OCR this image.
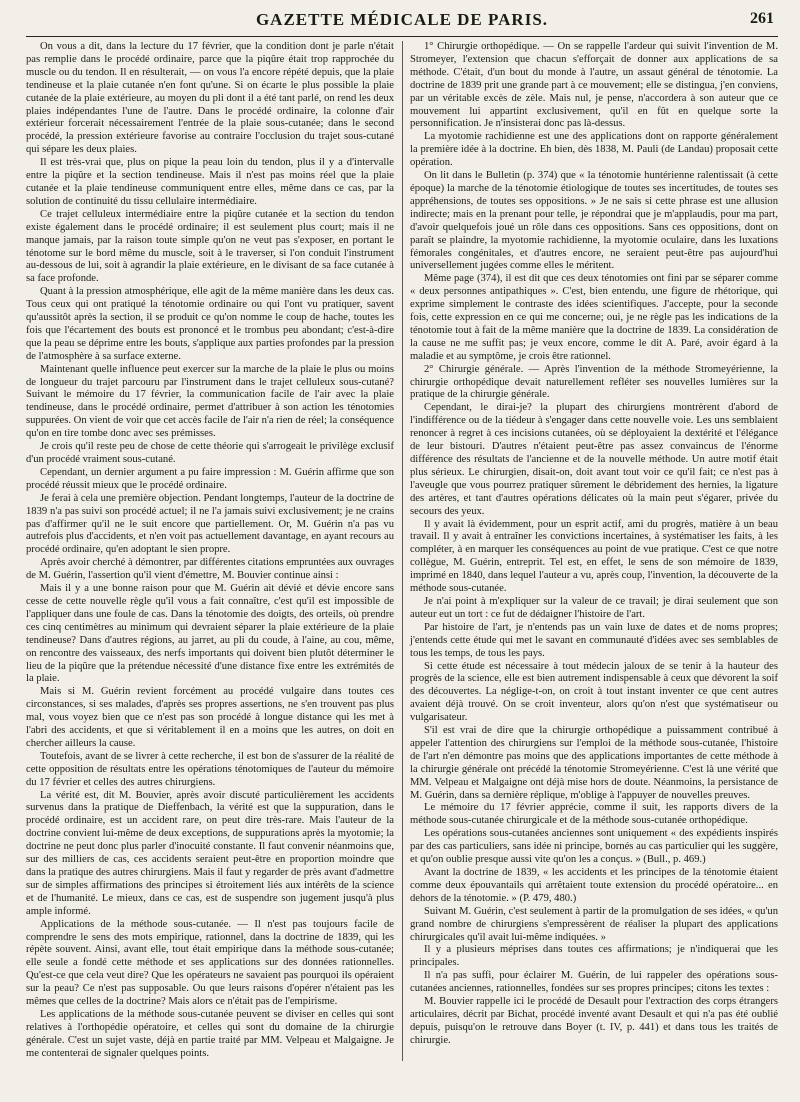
GAZETTE MÉDICALE DE PARIS.	261

On vous a dit, dans la lecture du 17 février, que la condition dont je parle n'était pas remplie dans le procédé ordinaire, parce que la piqûre était trop rapprochée du muscle ou du tendon. Il en résulterait, — on vous l'a encore répété depuis, que la plaie tendineuse et la plaie cutanée n'en font qu'une. Si on écarte le plus possible la plaie cutanée de la plaie extérieure, au moyen du pli dont il a été tant parlé, on rend les deux plaies indépendantes l'une de l'autre. Dans le procédé ordinaire, la colonne d'air extérieur forcerait nécessairement l'entrée de la plaie sous-cutanée; dans le second procédé, la pression extérieure favorise au contraire l'occlusion du trajet sous-cutané qui sépare les deux plaies.

Il est très-vrai que, plus on pique la peau loin du tendon, plus il y a d'intervalle entre la piqûre et la section tendineuse. Mais il n'est pas moins réel que la plaie cutanée et la plaie tendineuse communiquent entre elles, même dans ce cas, par la solution de continuité du tissu cellulaire intermédiaire.

Ce trajet celluleux intermédiaire entre la piqûre cutanée et la section du tendon existe également dans le procédé ordinaire; il est seulement plus court; mais il ne manque jamais, par la raison toute simple qu'on ne veut pas s'exposer, en portant le ténotome sur le bord même du muscle, soit à le traverser, si l'on conduit l'instrument au-dessous de lui, soit à agrandir la plaie extérieure, en le divisant de sa face cutanée à sa face profonde.

Quant à la pression atmosphérique, elle agit de la même manière dans les deux cas. Tous ceux qui ont pratiqué la ténotomie ordinaire ou qui l'ont vu pratiquer, savent qu'aussitôt après la section, il se produit ce qu'on nomme le coup de hache, toutes les fois que l'écartement des bouts est prononcé et le trombus peu abondant; c'est-à-dire que la peau se déprime entre les bouts, s'applique aux parties profondes par la pression de l'atmosphère à sa surface externe.

Maintenant quelle influence peut exercer sur la marche de la plaie le plus ou moins de longueur du trajet parcouru par l'instrument dans le trajet celluleux sous-cutané? Suivant le mémoire du 17 février, la communication facile de l'air avec la plaie tendineuse, dans le procédé ordinaire, permet d'attribuer à son action les ténotomies suppurées. On vient de voir que cet accès facile de l'air n'a rien de réel; la conséquence qu'on en tire tombe donc avec ses prémisses.

Je crois qu'il reste peu de chose de cette théorie qui s'arrogeait le privilège exclusif d'un procédé vraiment sous-cutané.

Cependant, un dernier argument a pu faire impression : M. Guérin affirme que son procédé réussit mieux que le procédé ordinaire.

Je ferai à cela une première objection. Pendant longtemps, l'auteur de la doctrine de 1839 n'a pas suivi son procédé actuel; il ne l'a jamais suivi exclusivement; je ne crains pas d'affirmer qu'il ne le suit encore que partiellement. Or, M. Guérin n'a pas vu autrefois plus d'accidents, et n'en voit pas actuellement davantage, en ayant recours au procédé ordinaire, qu'en adoptant le sien propre.

Après avoir cherché à démontrer, par différentes citations empruntées aux ouvrages de M. Guérin, l'assertion qu'il vient d'émettre, M. Bouvier continue ainsi :

Mais il y a une bonne raison pour que M. Guérin ait dévié et dévie encore sans cesse de cette nouvelle règle qu'il vous a fait connaître, c'est qu'il est impossible de l'appliquer dans une foule de cas. Dans la ténotomie des doigts, des orteils, où prendre ces cinq centimètres au minimum qui devraient séparer la plaie extérieure de la plaie tendineuse? Dans d'autres régions, au jarret, au pli du coude, à l'aine, au cou, même, on rencontre des vaisseaux, des nerfs importants qui doivent bien plutôt déterminer le lieu de la piqûre que la prétendue nécessité d'une distance fixe entre les extrémités de la plaie.

Mais si M. Guérin revient forcément au procédé vulgaire dans toutes ces circonstances, si ses malades, d'après ses propres assertions, ne s'en trouvent pas plus mal, vous voyez bien que ce n'est pas son procédé à longue distance qui les met à l'abri des accidents, et que si véritablement il en a moins que les autres, on doit en chercher ailleurs la cause.

Toutefois, avant de se livrer à cette recherche, il est bon de s'assurer de la réalité de cette opposition de résultats entre les opérations ténotomiques de l'auteur du mémoire du 17 février et celles des autres chirurgiens.

La vérité est, dit M. Bouvier, après avoir discuté particulièrement les accidents survenus dans la pratique de Dieffenbach, la vérité est que la suppuration, dans le procédé ordinaire, est un accident rare, on peut dire très-rare. Mais l'auteur de la doctrine convient lui-même de deux exceptions, de suppurations après la myotomie; la doctrine ne peut donc plus parler d'inocuité constante. Il faut convenir néanmoins que, sur des milliers de cas, ces accidents seraient peut-être en proportion moindre que dans la pratique des autres chirurgiens. Mais il faut y regarder de près avant d'admettre sur de simples affirmations des principes si étroitement liés aux intérêts de la science et de l'humanité. Le mieux, dans ce cas, est de suspendre son jugement jusqu'à plus ample informé.

Applications de la méthode sous-cutanée. — Il n'est pas toujours facile de comprendre le sens des mots empirique, rationnel, dans la doctrine de 1839, qui les répète souvent. Ainsi, avant elle, tout était empirique dans la méthode sous-cutanée; elle seule a fondé cette méthode et ses applications sur des données rationnelles. Qu'est-ce que cela veut dire? Que les opérateurs ne savaient pas pourquoi ils opéraient sur la peau? Ce n'est pas supposable. Ou que leurs raisons d'opérer n'étaient pas les mêmes que celles de la doctrine? Mais alors ce n'était pas de l'empirisme.

Les applications de la méthode sous-cutanée peuvent se diviser en celles qui sont relatives à l'orthopédie opératoire, et celles qui sont du domaine de la chirurgie générale. C'est un sujet vaste, déjà en partie traité par MM. Velpeau et Malgaigne. Je me contenterai de signaler quelques points.

1° Chirurgie orthopédique. — On se rappelle l'ardeur qui suivit l'invention de M. Stromeyer, l'extension que chacun s'efforçait de donner aux applications de sa méthode. C'était, d'un bout du monde à l'autre, un assaut général de ténotomie. La doctrine de 1839 prit une grande part à ce mouvement; elle se distingua, j'en conviens, par un véritable excès de zèle. Mais nul, je pense, n'accordera à son auteur que ce mouvement lui appartint exclusivement, qu'il en fût en quelque sorte la personnification. Je n'insisterai donc pas là-dessus.

La myotomie rachidienne est une des applications dont on rapporte généralement la première idée à la doctrine. Eh bien, dès 1838, M. Pauli (de Landau) proposait cette opération.

On lit dans le Bulletin (p. 374) que « la ténotomie huntérienne ralentissait (à cette époque) la marche de la ténotomie étiologique de toutes ses incertitudes, de toutes ses appréhensions, de toutes ses oppositions. » Je ne sais si cette phrase est une allusion indirecte; mais en la prenant pour telle, je répondrai que je m'applaudis, pour ma part, d'avoir quelquefois joué un rôle dans ces oppositions. Sans ces oppositions, dont on paraît se plaindre, la myotomie rachidienne, la myotomie oculaire, dans les luxations fémorales congénitales, et d'autres encore, ne seraient peut-être pas aujourd'hui universellement jugées comme elles le méritent.

Même page (374), il est dit que ces deux ténotomies ont fini par se séparer comme « deux personnes antipathiques ». C'est, bien entendu, une figure de rhétorique, qui exprime simplement le contraste des idées scientifiques. J'accepte, pour la seconde fois, cette expression en ce qui me concerne; oui, je ne règle pas les indications de la ténotomie tout à fait de la même manière que la doctrine de 1839. La considération de la cause ne me suffit pas; je veux encore, comme le dit A. Paré, avoir égard à la maladie et au symptôme, je crois être rationnel.

2° Chirurgie générale. — Après l'invention de la méthode Stromeyérienne, la chirurgie orthopédique devait naturellement refléter ses nouvelles lumières sur la pratique de la chirurgie générale.

Cependant, le dirai-je? la plupart des chirurgiens montrèrent d'abord de l'indifférence ou de la tiédeur à s'engager dans cette nouvelle voie. Les uns semblaient renoncer à regret à ces incisions cutanées, où se déployaient la dextérité et l'élégance de leur bistouri. D'autres n'étaient peut-être pas assez convaincus de l'énorme différence des résultats de l'ancienne et de la nouvelle méthode. Un autre motif était plus sérieux. Le chirurgien, disait-on, doit avant tout voir ce qu'il fait; ce n'est pas à l'aveugle que vous pourrez pratiquer sûrement le débridement des hernies, la ligature des artères, et tant d'autres opérations délicates où la main peut s'égarer, privée du secours des yeux.

Il y avait là évidemment, pour un esprit actif, ami du progrès, matière à un beau travail. Il y avait à entraîner les convictions incertaines, à systématiser les faits, à les compléter, à en marquer les conséquences au point de vue pratique. C'est ce que notre collègue, M. Guérin, entreprit. Tel est, en effet, le sens de son mémoire de 1839, imprimé en 1840, dans lequel l'auteur a vu, après coup, l'invention, la découverte de la méthode sous-cutanée.

Je n'ai point à m'expliquer sur la valeur de ce travail; je dirai seulement que son auteur eut un tort : ce fut de dédaigner l'histoire de l'art.

Par histoire de l'art, je n'entends pas un vain luxe de dates et de noms propres; j'entends cette étude qui met le savant en communauté d'idées avec ses semblables de tous les temps, de tous les pays.

Si cette étude est nécessaire à tout médecin jaloux de se tenir à la hauteur des progrès de la science, elle est bien autrement indispensable à ceux que dévorent la soif des découvertes. La néglige-t-on, on croit à tout instant inventer ce que cent autres avaient déjà trouvé. On se croit inventeur, alors qu'on n'est que systématiseur ou vulgarisateur.

S'il est vrai de dire que la chirurgie orthopédique a puissamment contribué à appeler l'attention des chirurgiens sur l'emploi de la méthode sous-cutanée, l'histoire de l'art n'en démontre pas moins que des applications importantes de cette méthode à la chirurgie générale ont précédé la ténotomie Stromeyérienne. C'est là une vérité que MM. Velpeau et Malgaigne ont déjà mise hors de doute. Néanmoins, la persistance de M. Guérin, dans sa dernière réplique, m'oblige à l'appuyer de nouvelles preuves.

Le mémoire du 17 février apprécie, comme il suit, les rapports divers de la méthode sous-cutanée chirurgicale et de la méthode sous-cutanée orthopédique.

Les opérations sous-cutanées anciennes sont uniquement « des expédients inspirés par des cas particuliers, sans idée ni principe, bornés au cas particulier qui les suggère, et qu'on oublie presque aussi vite qu'on les a conçus. » (Bull., p. 469.)

Avant la doctrine de 1839, « les accidents et les principes de la ténotomie étaient comme deux épouvantails qui arrêtaient toute extension du procédé opératoire... en dehors de la ténotomie. » (P. 479, 480.)

Suivant M. Guérin, c'est seulement à partir de la promulgation de ses idées, « qu'un grand nombre de chirurgiens s'empressèrent de réaliser la plupart des applications chirurgicales qu'il avait lui-même indiquées. »

Il y a plusieurs méprises dans toutes ces affirmations; je n'indiquerai que les principales.

Il n'a pas suffi, pour éclairer M. Guérin, de lui rappeler des opérations sous-cutanées anciennes, rationnelles, fondées sur ses propres principes; citons les textes :

M. Bouvier rappelle ici le procédé de Desault pour l'extraction des corps étrangers articulaires, décrit par Bichat, procédé inventé avant Desault et qui n'a pas été oublié depuis, puisqu'on le retrouve dans Boyer (t. IV, p. 441) et dans tous les traités de chirurgie.
